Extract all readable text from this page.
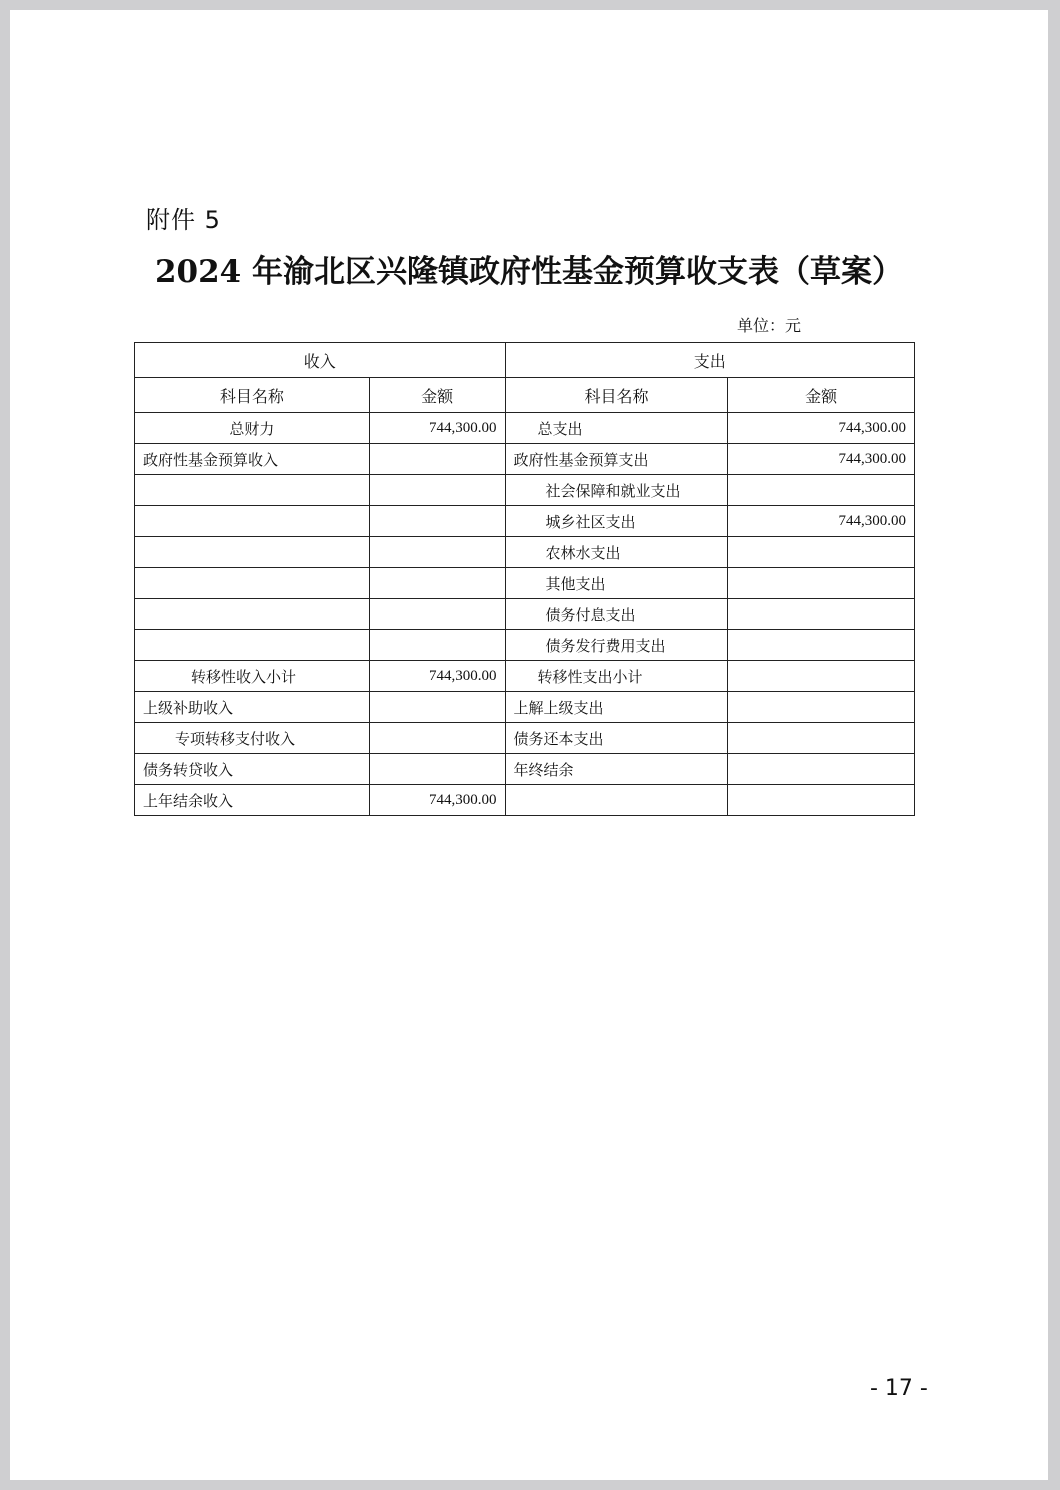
附件 5
2024 年渝北区兴隆镇政府性基金预算收支表（草案）
单位：元
收入		支出	
科目名称	金额	科目名称	金额
总财力	744,300.00	总支出	744,300.00
政府性基金预算收入		政府性基金预算支出	744,300.00
		社会保障和就业支出	
		城乡社区支出	744,300.00
		农林水支出	
		其他支出	
		债务付息支出	
		债务发行费用支出	
转移性收入小计	744,300.00	转移性支出小计	
上级补助收入		上解上级支出	
专项转移支付收入		债务还本支出	
债务转贷收入		年终结余	
上年结余收入	744,300.00		
- 17 -
